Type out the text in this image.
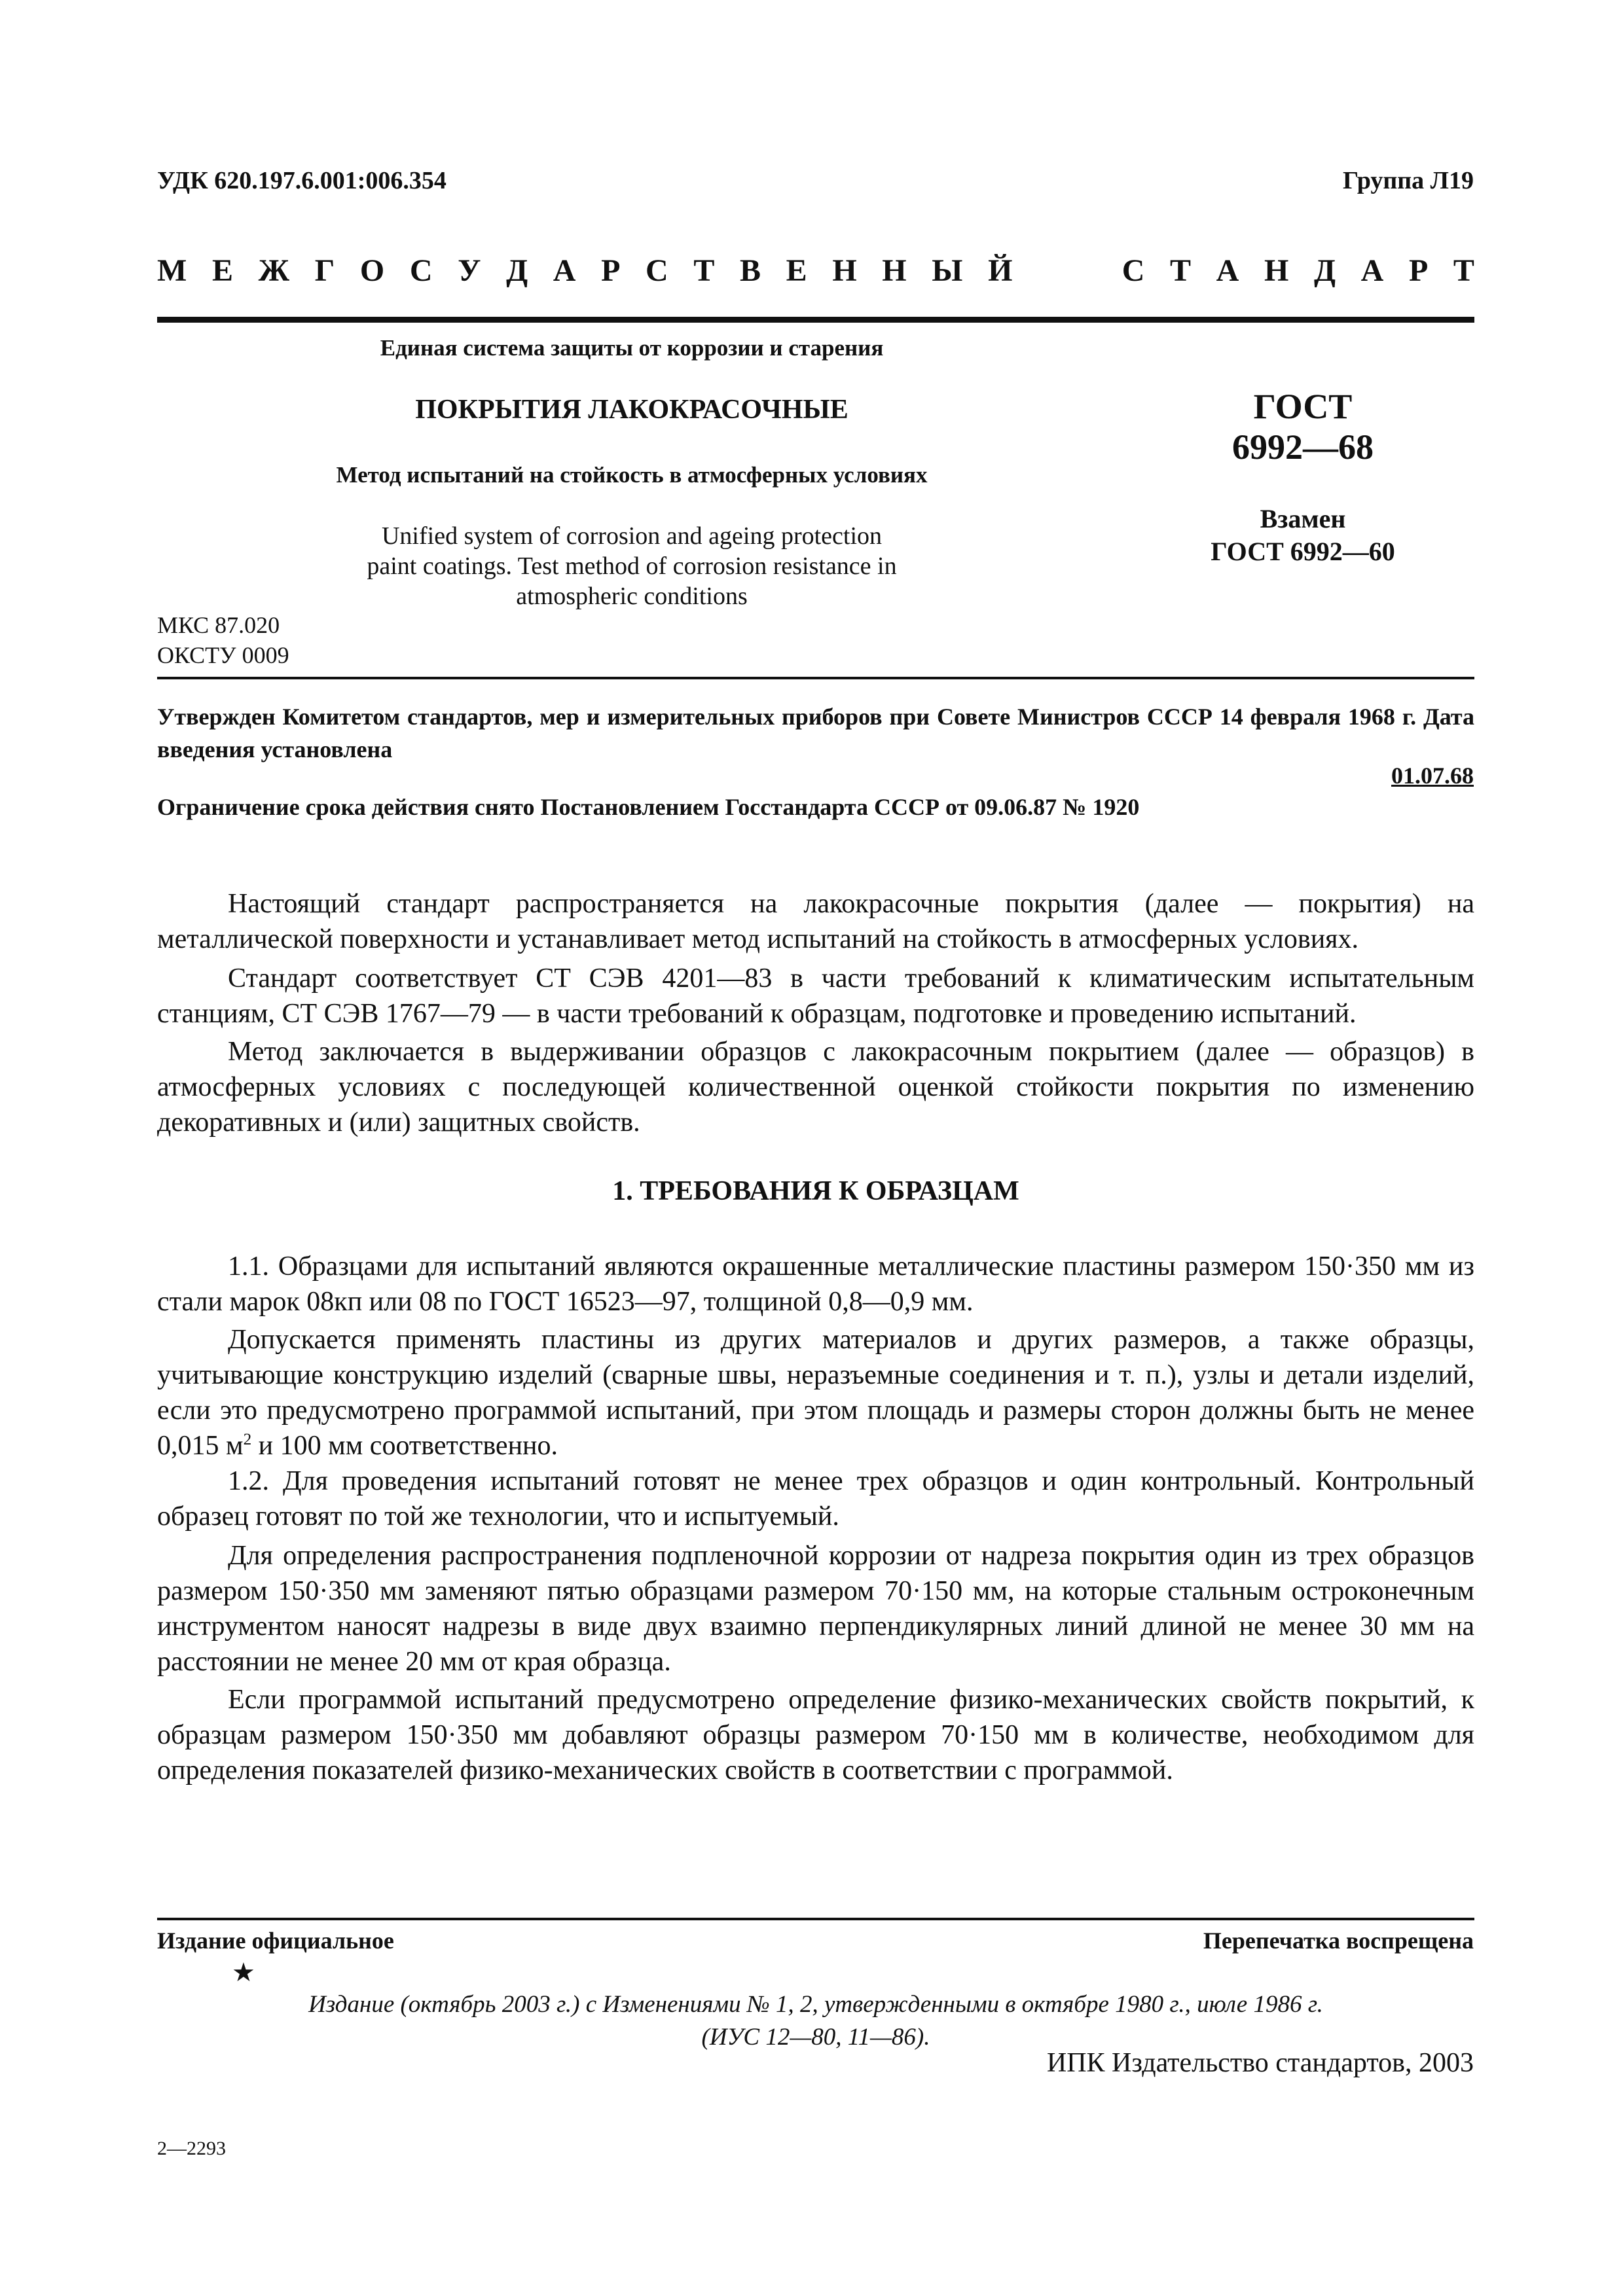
УДК 620.197.6.001:006.354	Группа Л19
М Е Ж Г О С У Д А Р С Т В Е Н Н Ы Й	С Т А Н Д А Р Т
Единая система защиты от коррозии и старения
ПОКРЫТИЯ ЛАКОКРАСОЧНЫЕ
Метод испытаний на стойкость в атмосферных условиях
Unified system of corrosion and ageing protection
paint coatings. Test method of corrosion resistance in
atmospheric conditions
ГОСТ
6992—68
Взамен
ГОСТ 6992—60
МКС 87.020
ОКСТУ 0009
Утвержден Комитетом стандартов, мер и измерительных приборов при Совете Министров СССР 14 февраля 1968 г. Дата введения установлена
01.07.68
Ограничение срока действия снято Постановлением Госстандарта СССР от 09.06.87 № 1920

Настоящий стандарт распространяется на лакокрасочные покрытия (далее — покрытия) на металлической поверхности и устанавливает метод испытаний на стойкость в атмосферных условиях.

Стандарт соответствует СТ СЭВ 4201—83 в части требований к климатическим испытательным станциям, СТ СЭВ 1767—79 — в части требований к образцам, подготовке и проведению испытаний.

Метод заключается в выдерживании образцов с лакокрасочным покрытием (далее — образцов) в атмосферных условиях с последующей количественной оценкой стойкости покрытия по изменению декоративных и (или) защитных свойств.

1. ТРЕБОВАНИЯ К ОБРАЗЦАМ

1.1. Образцами для испытаний являются окрашенные металлические пластины размером 150·350 мм из стали марок 08кп или 08 по ГОСТ 16523—97, толщиной 0,8—0,9 мм.

Допускается применять пластины из других материалов и других размеров, а также образцы, учитывающие конструкцию изделий (сварные швы, неразъемные соединения и т. п.), узлы и детали изделий, если это предусмотрено программой испытаний, при этом площадь и размеры сторон должны быть не менее 0,015 $м^2$ и 100 мм соответственно.

1.2. Для проведения испытаний готовят не менее трех образцов и один контрольный. Контрольный образец готовят по той же технологии, что и испытуемый.

Для определения распространения подпленочной коррозии от надреза покрытия один из трех образцов размером 150·350 мм заменяют пятью образцами размером 70·150 мм, на которые стальным остроконечным инструментом наносят надрезы в виде двух взаимно перпендикулярных линий длиной не менее 30 мм на расстоянии не менее 20 мм от края образца.

Если программой испытаний предусмотрено определение физико-механических свойств покрытий, к образцам размером 150·350 мм добавляют образцы размером 70·150 мм в количестве, необходимом для определения показателей физико-механических свойств в соответствии с программой.

Издание официальное	Перепечатка воспрещена
★
Издание (октябрь 2003 г.) с Изменениями № 1, 2, утвержденными в октябре 1980 г., июле 1986 г.
(ИУС 12—80, 11—86).
ИПК Издательство стандартов, 2003
2—2293
